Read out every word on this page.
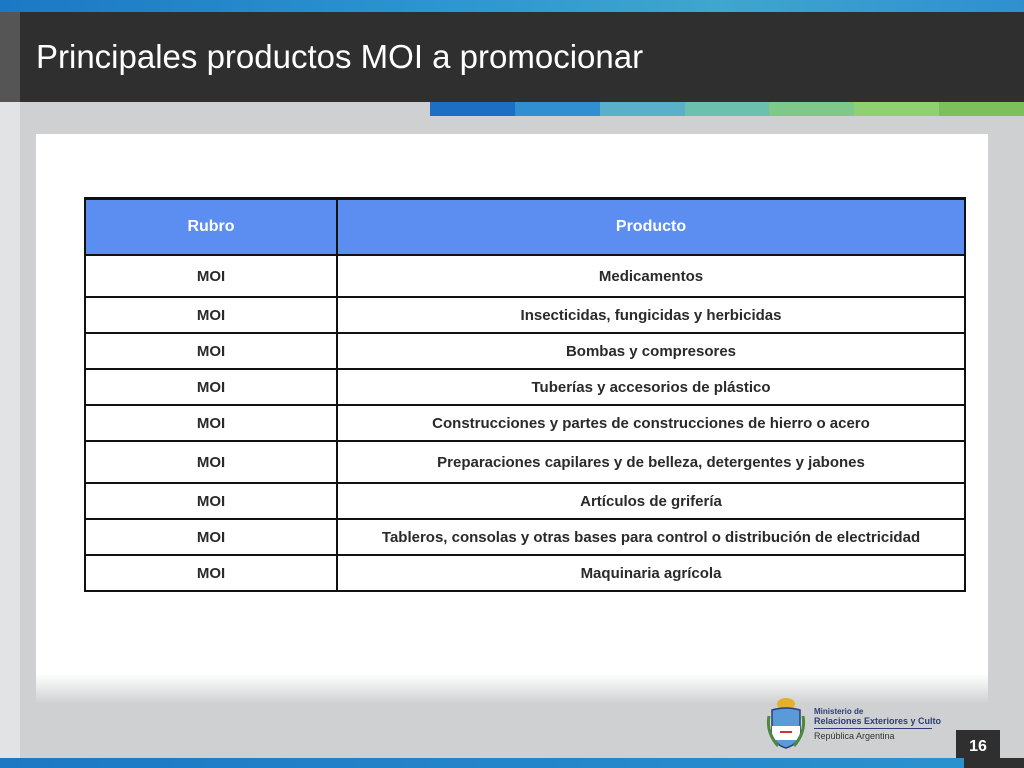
Principales productos MOI a promocionar
Rubro	Producto
MOI	Medicamentos
MOI	Insecticidas, fungicidas y herbicidas
MOI	Bombas y compresores
MOI	Tuberías y accesorios de plástico
MOI	Construcciones y partes de construcciones de hierro o acero
MOI	Preparaciones capilares y de belleza, detergentes y jabones
MOI	Artículos de grifería
MOI	Tableros, consolas y otras bases para control o distribución de electricidad
MOI	Maquinaria agrícola
Ministerio de
Relaciones Exteriores y Culto
República Argentina
16
